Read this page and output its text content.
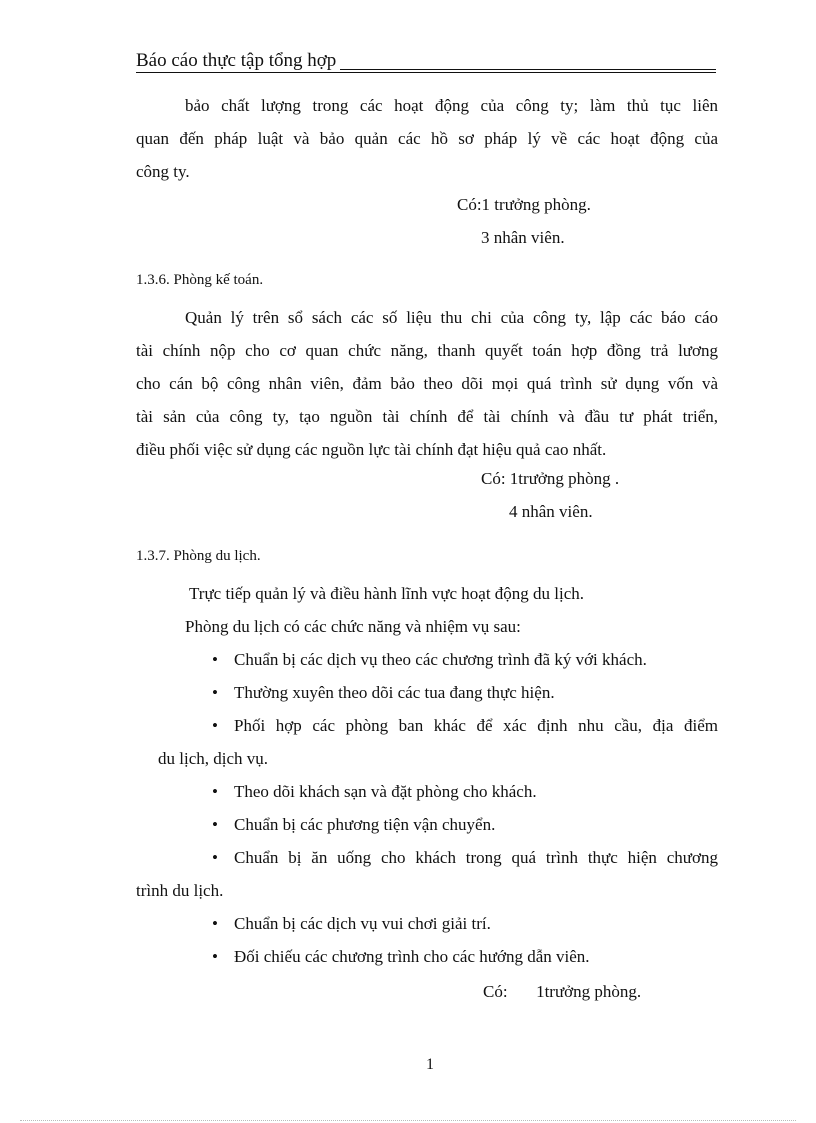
Báo cáo thực tập tổng hợp
bảo chất lượng trong các hoạt động của công ty; làm thủ tục liên
quan đến pháp luật và bảo quản các hồ sơ pháp lý về các hoạt động của
công ty.
Có:1 trưởng phòng.
3 nhân viên.
1.3.6. Phòng kế toán.
Quản lý trên sổ sách các số liệu thu chi của công ty, lập các báo cáo
tài chính nộp cho cơ quan chức năng, thanh quyết toán hợp đồng trả lương
cho cán bộ công nhân viên, đảm bảo theo dõi mọi quá trình sử dụng vốn và
tài sản của công ty, tạo nguồn tài chính để tài chính và đầu tư phát triển,
điều phối việc sử dụng các nguồn lực tài chính đạt hiệu quả cao nhất.
Có: 1trưởng phòng .
4 nhân viên.
1.3.7. Phòng du lịch.
Trực tiếp quản lý và điều hành lĩnh vực hoạt động du lịch.
Phòng du lịch có các chức năng và nhiệm vụ sau:
• Chuẩn bị các dịch vụ theo các chương trình đã ký với khách.
• Thường xuyên theo dõi các tua đang thực hiện.
• Phối hợp các phòng ban khác để xác định nhu cầu, địa điểm
du lịch, dịch vụ.
• Theo dõi khách sạn và đặt phòng cho khách.
• Chuẩn bị các phương tiện vận chuyển.
• Chuẩn bị ăn uống cho khách trong quá trình thực hiện chương
trình du lịch.
• Chuẩn bị các dịch vụ vui chơi giải trí.
• Đối chiếu các chương trình cho các hướng dẫn viên.
Có: 1trưởng phòng.
1
